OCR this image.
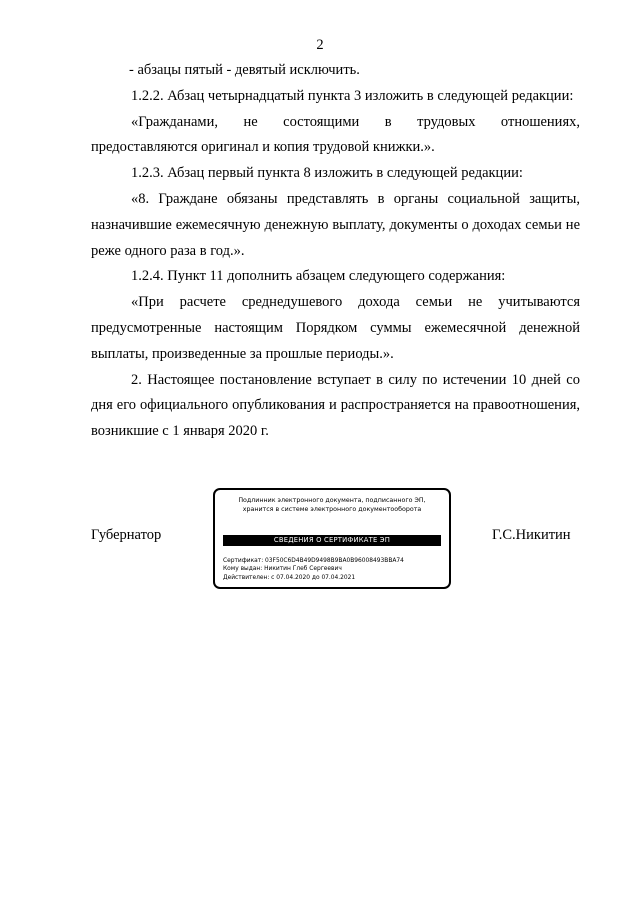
2

- абзацы пятый - девятый исключить.

1.2.2. Абзац четырнадцатый пункта 3 изложить в следующей редакции:

«Гражданами, не состоящими в трудовых отношениях, предоставляются оригинал и копия трудовой книжки.».

1.2.3. Абзац первый пункта 8 изложить в следующей редакции:

«8. Граждане обязаны представлять в органы социальной защиты, назначившие ежемесячную денежную выплату, документы о доходах семьи не реже одного раза в год.».

1.2.4. Пункт 11 дополнить абзацем следующего содержания:

«При расчете среднедушевого дохода семьи не учитываются предусмотренные настоящим Порядком суммы ежемесячной денежной выплаты, произведенные за прошлые периоды.».

2. Настоящее постановление вступает в силу по истечении 10 дней со дня его официального опубликования и распространяется на правоотношения, возникшие с 1 января 2020 г.

Губернатор
Подлинник электронного документа, подписанного ЭП,
хранится в системе электронного документооборота
СВЕДЕНИЯ О СЕРТИФИКАТЕ ЭП
Сертификат: 03F50C6D4B49D9498B9BA0B96008493BBA74
Кому выдан: Никитин Глеб Сергеевич
Действителен: с 07.04.2020 до 07.04.2021
Г.С.Никитин
